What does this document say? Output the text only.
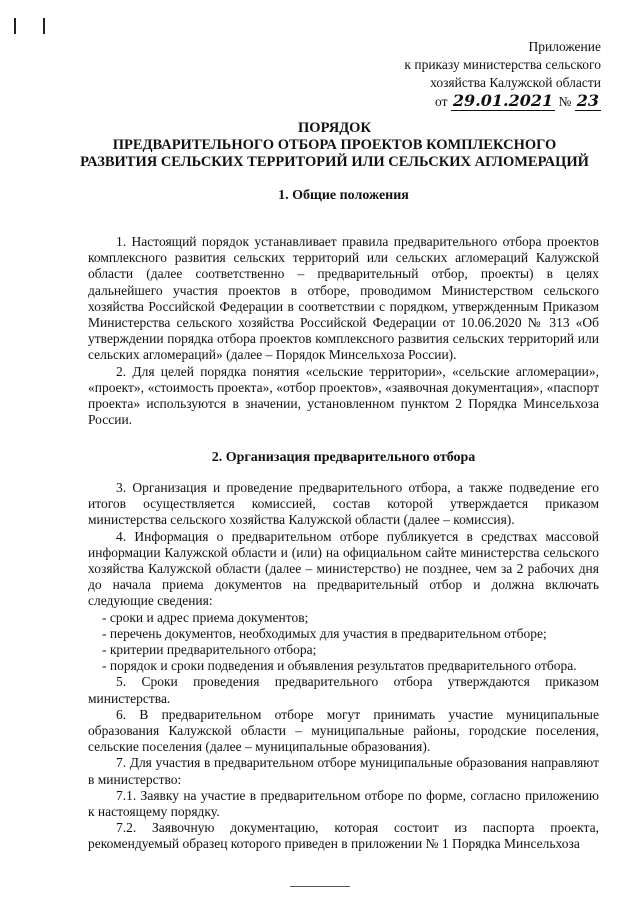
Приложение
к приказу министерства сельского
хозяйства Калужской области
от 29.01.2021 № 23
ПОРЯДОК
ПРЕДВАРИТЕЛЬНОГО ОТБОРА ПРОЕКТОВ КОМПЛЕКСНОГО
РАЗВИТИЯ СЕЛЬСКИХ ТЕРРИТОРИЙ ИЛИ СЕЛЬСКИХ АГЛОМЕРАЦИЙ
1. Общие положения

1. Настоящий порядок устанавливает правила предварительного отбора проектов комплексного развития сельских территорий или сельских агломераций Калужской области (далее соответственно – предварительный отбор, проекты) в целях дальнейшего участия проектов в отборе, проводимом Министерством сельского хозяйства Российской Федерации в соответствии с порядком, утвержденным Приказом Министерства сельского хозяйства Российской Федерации от 10.06.2020 № 313 «Об утверждении порядка отбора проектов комплексного развития сельских территорий или сельских агломераций» (далее – Порядок Минсельхоза России).

2. Для целей порядка понятия «сельские территории», «сельские агломерации», «проект», «стоимость проекта», «отбор проектов», «заявочная документация», «паспорт проекта» используются в значении, установленном пунктом 2 Порядка Минсельхоза России.

2. Организация предварительного отбора

3. Организация и проведение предварительного отбора, а также подведение его итогов осуществляется комиссией, состав которой утверждается приказом министерства сельского хозяйства Калужской области (далее – комиссия).

4. Информация о предварительном отборе публикуется в средствах массовой информации Калужской области и (или) на официальном сайте министерства сельского хозяйства Калужской области (далее – министерство) не позднее, чем за 2 рабочих дня до начала приема документов на предварительный отбор и должна включать следующие сведения:

- сроки и адрес приема документов;

- перечень документов, необходимых для участия в предварительном отборе;

- критерии предварительного отбора;

- порядок и сроки подведения и объявления результатов предварительного отбора.

5. Сроки проведения предварительного отбора утверждаются приказом министерства.

6. В предварительном отборе могут принимать участие муниципальные образования Калужской области – муниципальные районы, городские поселения, сельские поселения (далее – муниципальные образования).

7. Для участия в предварительном отборе муниципальные образования направляют в министерство:

7.1. Заявку на участие в предварительном отборе по форме, согласно приложению к настоящему порядку.

7.2. Заявочную документацию, которая состоит из паспорта проекта, рекомендуемый образец которого приведен в приложении № 1 Порядка Минсельхоза
